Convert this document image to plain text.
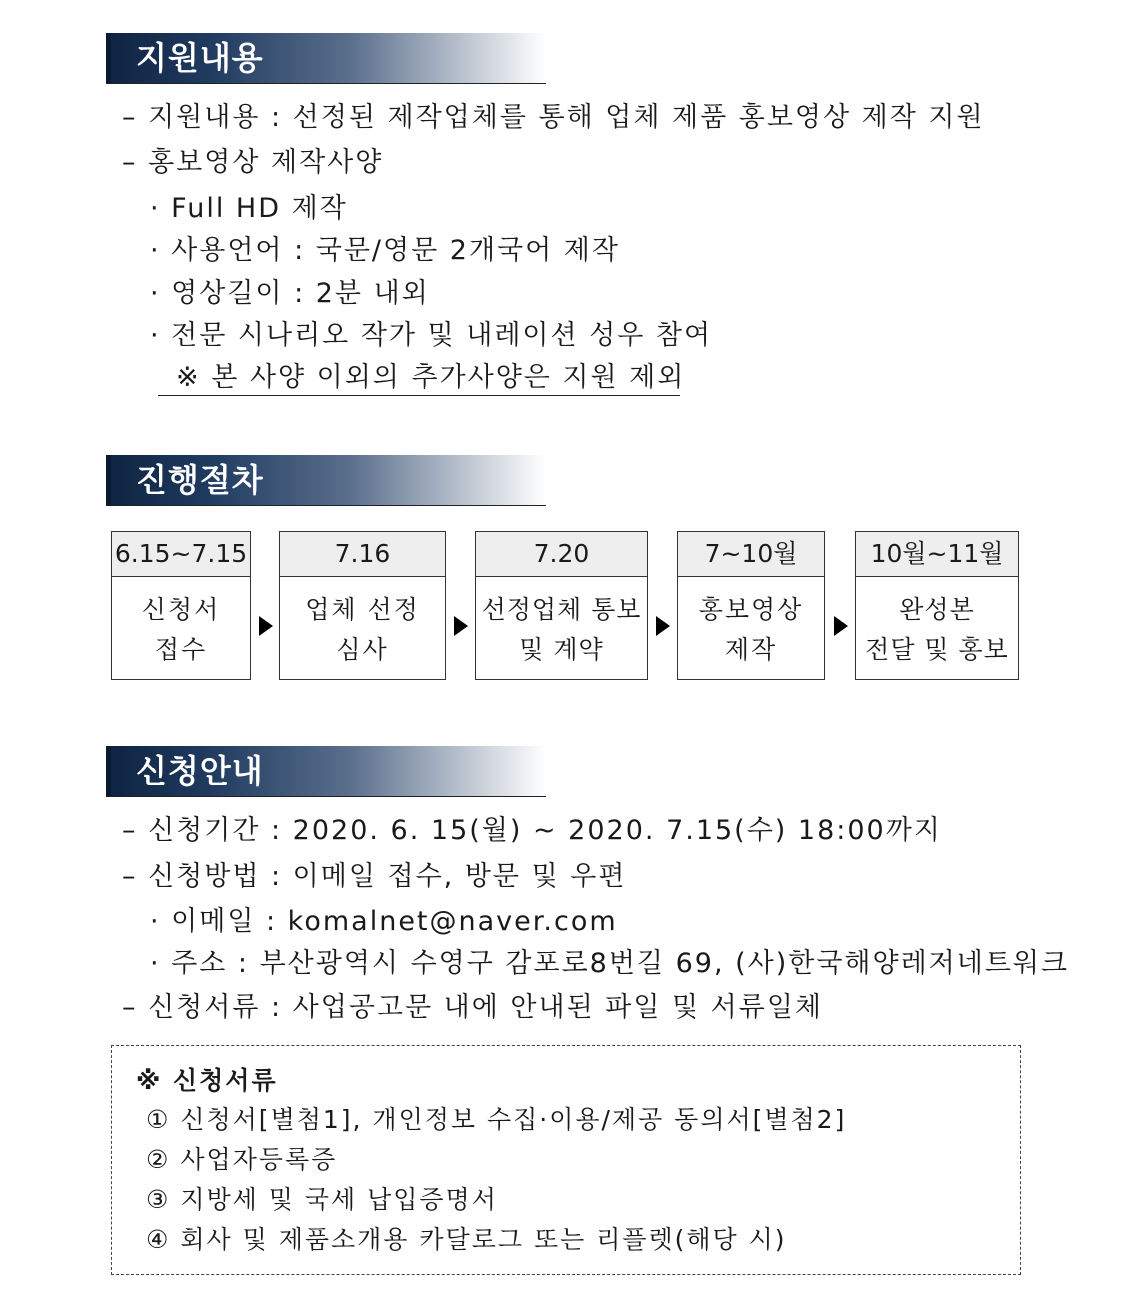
지원내용
– 지원내용 : 선정된 제작업체를 통해 업체 제품 홍보영상 제작 지원
– 홍보영상 제작사양
· Full HD 제작
· 사용언어 : 국문/영문 2개국어 제작
· 영상길이 : 2분 내외
· 전문 시나리오 작가 및 내레이션 성우 참여
※ 본 사양 이외의 추가사양은 지원 제외
진행절차
6.15~7.15
신청서
접수
7.16
업체 선정
심사
7.20
선정업체 통보
및 계약
7~10월
홍보영상
제작
10월~11월
완성본
전달 및 홍보
신청안내
– 신청기간 : 2020. 6. 15(월) ~ 2020. 7.15(수) 18:00까지
– 신청방법 : 이메일 접수, 방문 및 우편
· 이메일 : komalnet@naver.com
· 주소 : 부산광역시 수영구 감포로8번길 69, (사)한국해양레저네트워크
– 신청서류 : 사업공고문 내에 안내된 파일 및 서류일체
※ 신청서류
① 신청서[별첨1], 개인정보 수집·이용/제공 동의서[별첨2]
② 사업자등록증
③ 지방세 및 국세 납입증명서
④ 회사 및 제품소개용 카달로그 또는 리플렛(해당 시)
